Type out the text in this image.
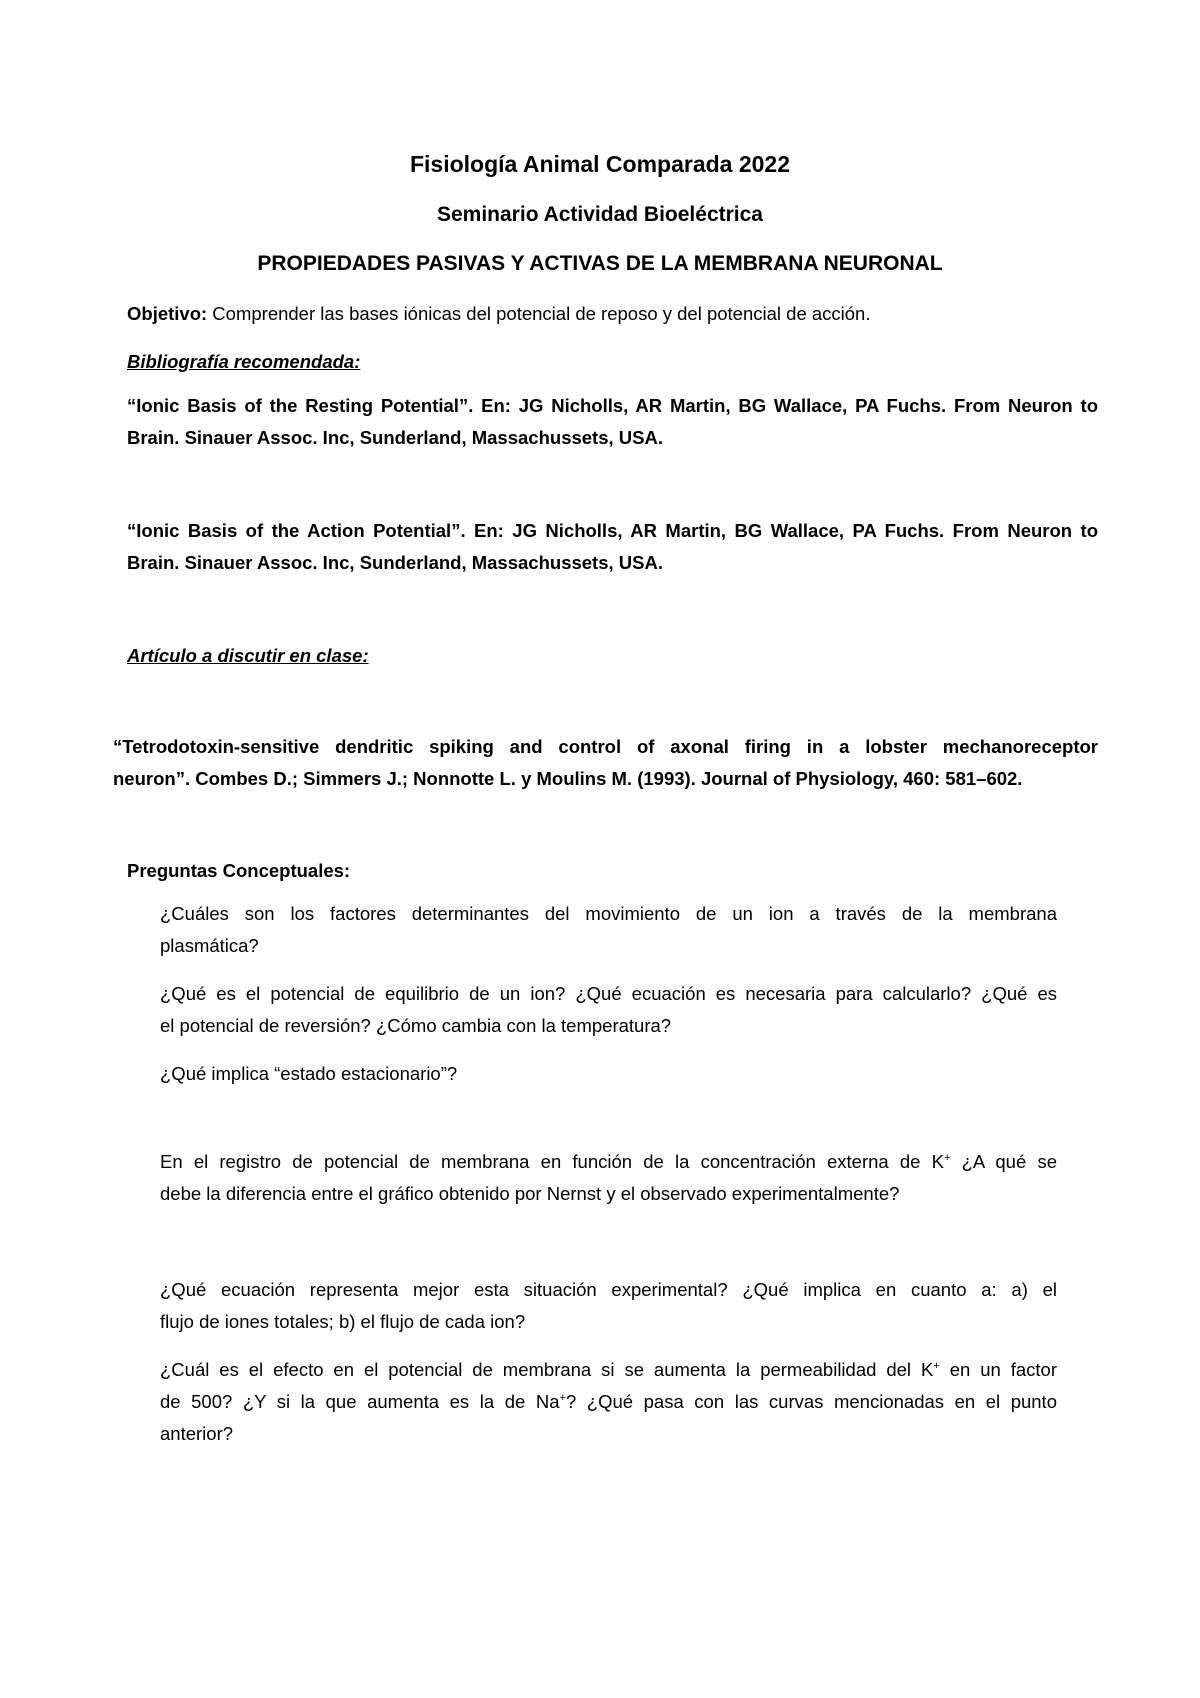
Fisiología Animal Comparada 2022
Seminario Actividad Bioeléctrica
PROPIEDADES PASIVAS Y ACTIVAS DE LA MEMBRANA NEURONAL
Objetivo: Comprender las bases iónicas del potencial de reposo y del potencial de acción.
Bibliografía recomendada:
“Ionic Basis of the Resting Potential”. En: JG Nicholls, AR Martin, BG Wallace, PA Fuchs. From Neuron to
Brain. Sinauer Assoc. Inc, Sunderland, Massachussets, USA.
“Ionic Basis of the Action Potential”. En: JG Nicholls, AR Martin, BG Wallace, PA Fuchs. From Neuron to
Brain. Sinauer Assoc. Inc, Sunderland, Massachussets, USA.
Artículo a discutir en clase:
“Tetrodotoxin-sensitive dendritic spiking and control of axonal firing in a lobster mechanoreceptor
neuron”. Combes D.; Simmers J.; Nonnotte L. y Moulins M. (1993). Journal of Physiology, 460: 581–602.
Preguntas Conceptuales:
¿Cuáles son los factores determinantes del movimiento de un ion a través de la membrana
plasmática?
¿Qué es el potencial de equilibrio de un ion? ¿Qué ecuación es necesaria para calcularlo? ¿Qué es
el potencial de reversión? ¿Cómo cambia con la temperatura?
¿Qué implica “estado estacionario”?
En el registro de potencial de membrana en función de la concentración externa de K+ ¿A qué se
debe la diferencia entre el gráfico obtenido por Nernst y el observado experimentalmente?
¿Qué ecuación representa mejor esta situación experimental? ¿Qué implica en cuanto a: a) el
flujo de iones totales; b) el flujo de cada ion?
¿Cuál es el efecto en el potencial de membrana si se aumenta la permeabilidad del K+ en un factor
de 500? ¿Y si la que aumenta es la de Na+? ¿Qué pasa con las curvas mencionadas en el punto
anterior?
